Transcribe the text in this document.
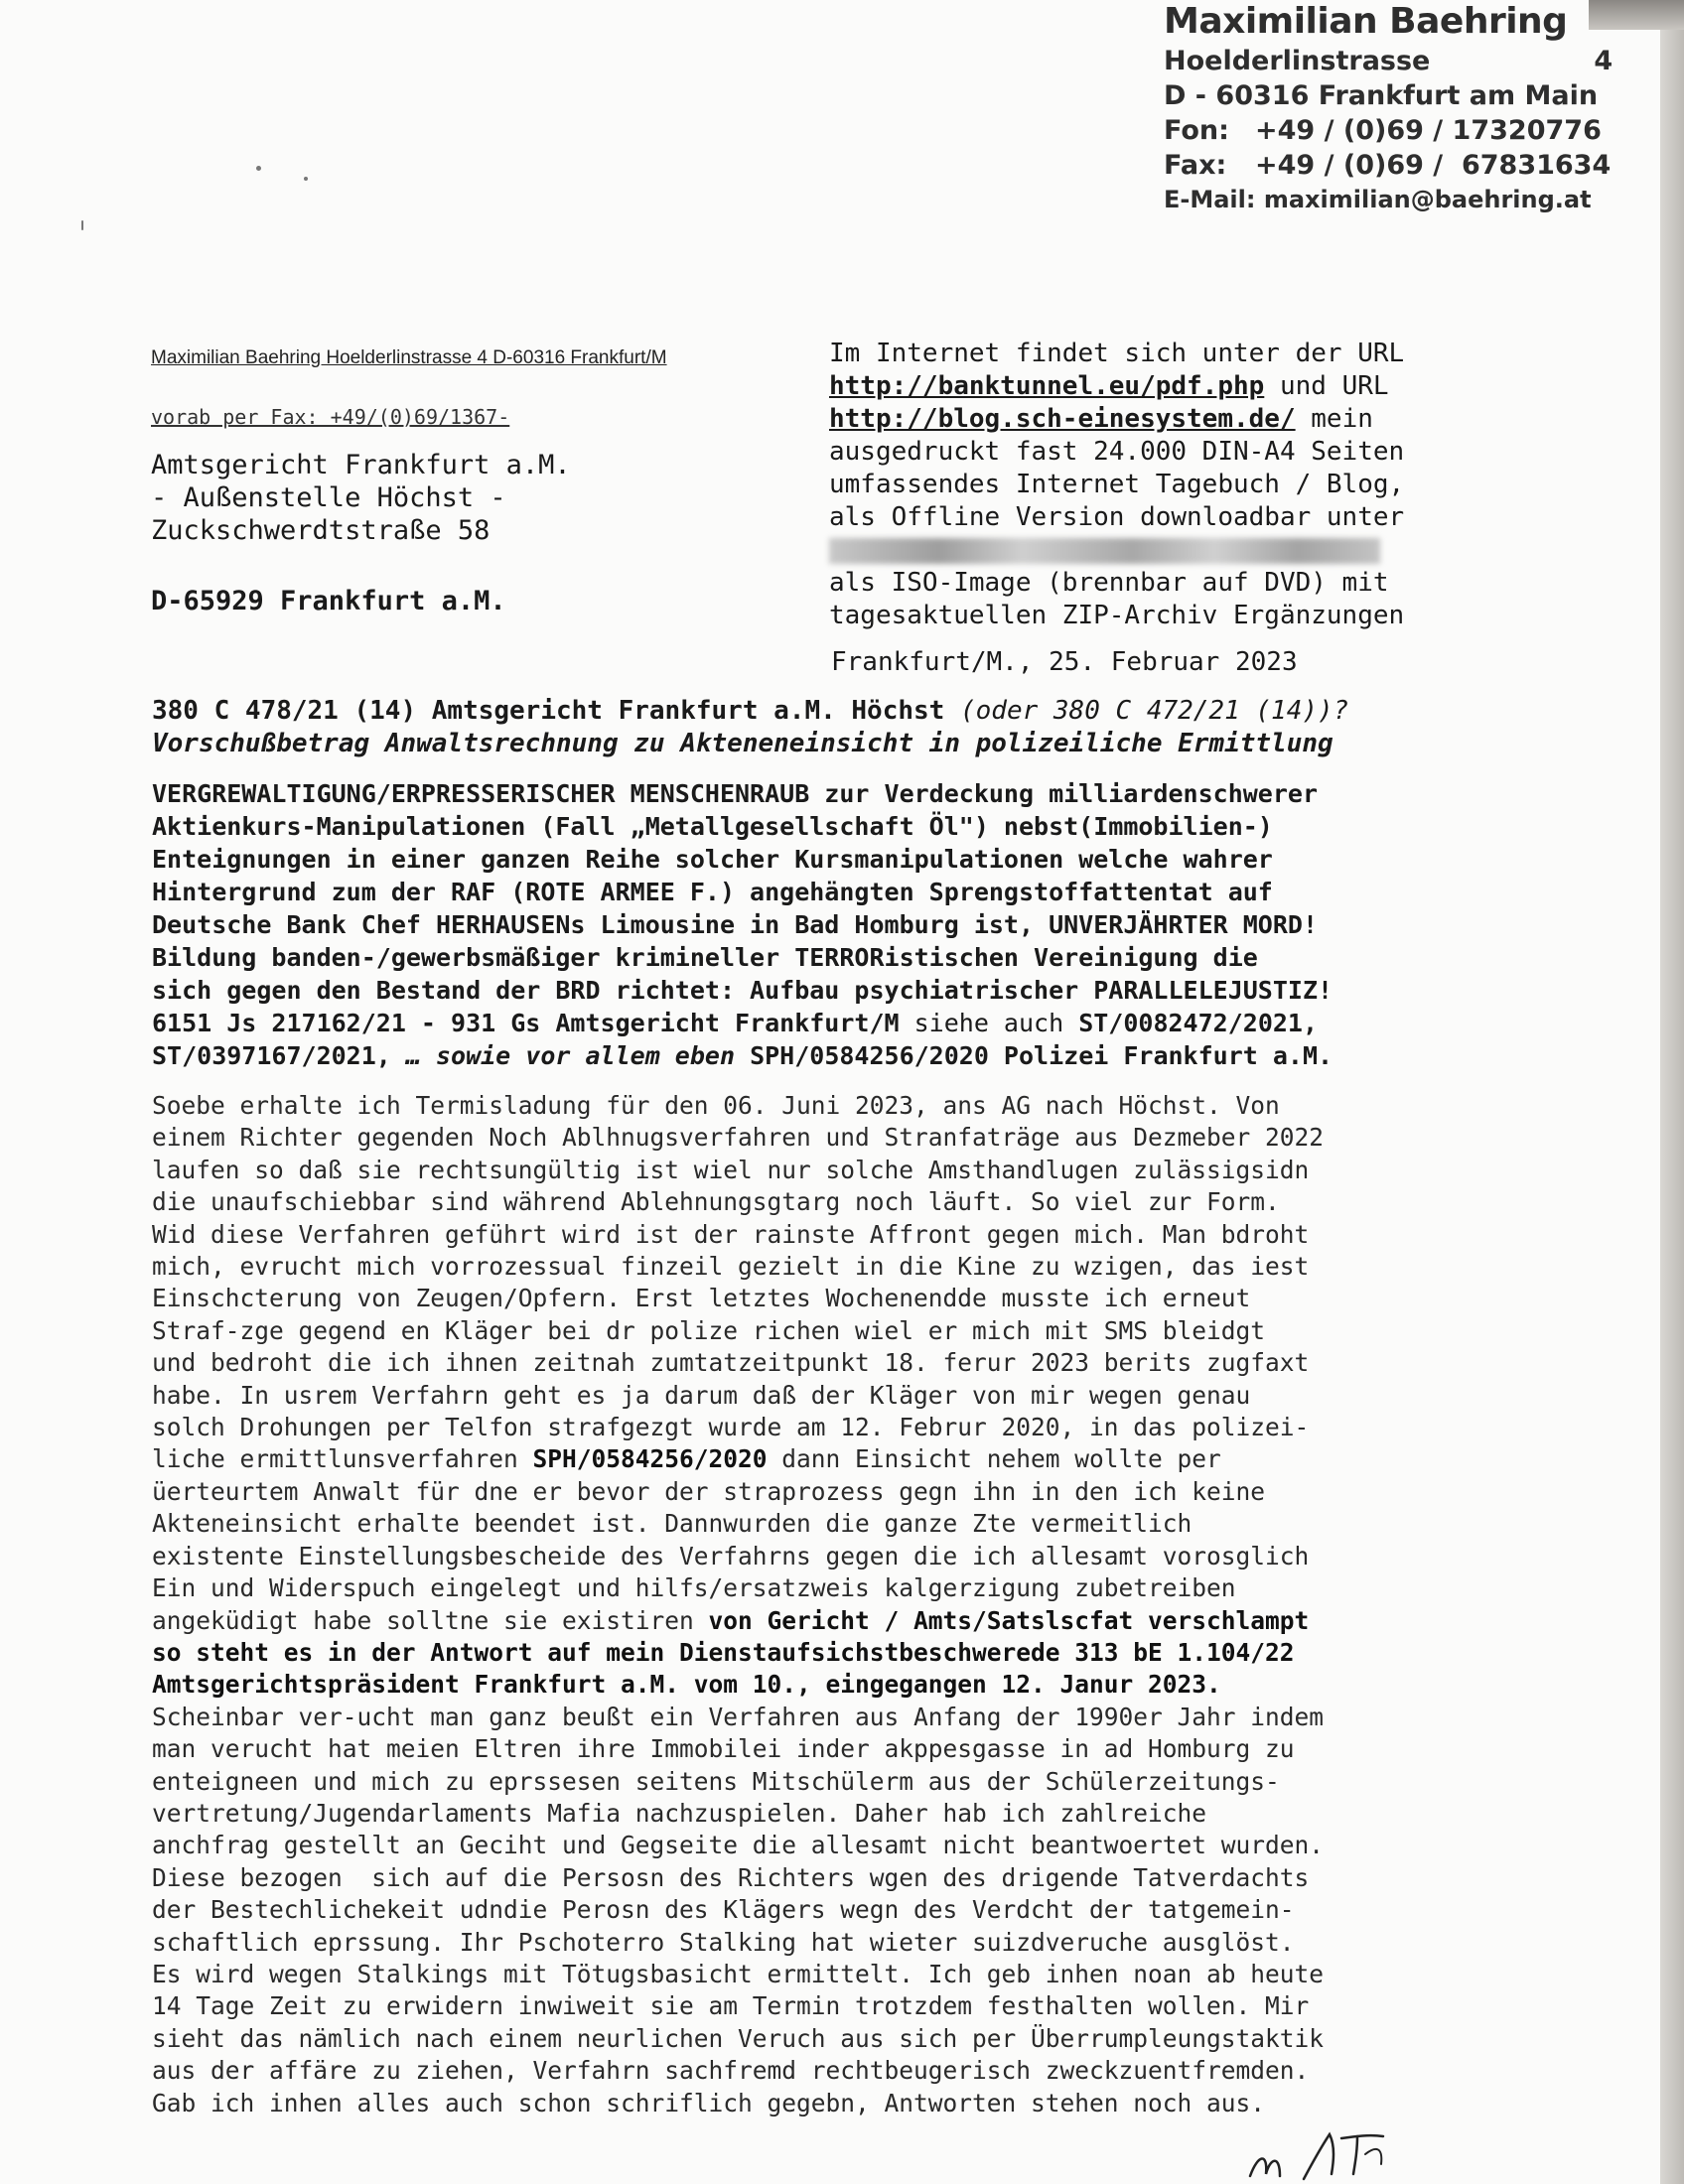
Maximilian Baehring
Hoelderlinstrasse	4
D - 60316 Frankfurt am Main
Fon: +49 / (0)69 / 17320776
Fax: +49 / (0)69 /  67831634
E-Mail: maximilian@baehring.at
Maximilian Baehring Hoelderlinstrasse 4 D-60316 Frankfurt/M
vorab per Fax: +49/(0)69/1367-
Amtsgericht Frankfurt a.M.
- Außenstelle Höchst -
Zuckschwerdtstraße 58
D-65929 Frankfurt a.M.
Im Internet findet sich unter der URL
http://banktunnel.eu/pdf.php und URL
http://blog.sch-einesystem.de/ mein
ausgedruckt fast 24.000 DIN-A4 Seiten
umfassendes Internet Tagebuch / Blog,
als Offline Version downloadbar unter
als ISO-Image (brennbar auf DVD) mit
tagesaktuellen ZIP-Archiv Ergänzungen
Frankfurt/M., 25. Februar 2023
380 C 478/21 (14) Amtsgericht Frankfurt a.M. Höchst (oder 380 C 472/21 (14))?
Vorschußbetrag Anwaltsrechnung zu Akteneneinsicht in polizeiliche Ermittlung
VERGREWALTIGUNG/ERPRESSERISCHER MENSCHENRAUB zur Verdeckung milliardenschwerer
Aktienkurs-Manipulationen (Fall „Metallgesellschaft Öl") nebst(Immobilien-)
Enteignungen in einer ganzen Reihe solcher Kursmanipulationen welche wahrer
Hintergrund zum der RAF (ROTE ARMEE F.) angehängten Sprengstoffattentat auf
Deutsche Bank Chef HERHAUSENs Limousine in Bad Homburg ist, UNVERJÄHRTER MORD!
Bildung banden-/gewerbsmäßiger krimineller TERRORistischen Vereinigung die
sich gegen den Bestand der BRD richtet: Aufbau psychiatrischer PARALLELEJUSTIZ!
6151 Js 217162/21 - 931 Gs Amtsgericht Frankfurt/M siehe auch ST/0082472/2021,
ST/0397167/2021, … sowie vor allem eben SPH/0584256/2020 Polizei Frankfurt a.M.
Soebe erhalte ich Termisladung für den 06. Juni 2023, ans AG nach Höchst. Von
einem Richter gegenden Noch Ablhnugsverfahren und Stranfaträge aus Dezmeber 2022
laufen so daß sie rechtsungültig ist wiel nur solche Amsthandlugen zulässigsidn
die unaufschiebbar sind während Ablehnungsgtarg noch läuft. So viel zur Form.
Wid diese Verfahren geführt wird ist der rainste Affront gegen mich. Man bdroht
mich, evrucht mich vorrozessual finzeil gezielt in die Kine zu wzigen, das iest
Einschcterung von Zeugen/Opfern. Erst letztes Wochenendde musste ich erneut
Straf-zge gegend en Kläger bei dr polize richen wiel er mich mit SMS bleidgt
und bedroht die ich ihnen zeitnah zumtatzeitpunkt 18. ferur 2023 berits zugfaxt
habe. In usrem Verfahrn geht es ja darum daß der Kläger von mir wegen genau
solch Drohungen per Telfon strafgezgt wurde am 12. Februr 2020, in das polizei-
liche ermittlunsverfahren SPH/0584256/2020 dann Einsicht nehem wollte per
üerteurtem Anwalt für dne er bevor der straprozess gegn ihn in den ich keine
Akteneinsicht erhalte beendet ist. Dannwurden die ganze Zte vermeitlich
existente Einstellungsbescheide des Verfahrns gegen die ich allesamt vorosglich
Ein und Widerspuch eingelegt und hilfs/ersatzweis kalgerzigung zubetreiben
angeküdigt habe solltne sie existiren von Gericht / Amts/Satslscfat verschlampt
so steht es in der Antwort auf mein Dienstaufsichstbeschwerede 313 bE 1.104/22
Amtsgerichtspräsident Frankfurt a.M. vom 10., eingegangen 12. Janur 2023.
Scheinbar ver-ucht man ganz beußt ein Verfahren aus Anfang der 1990er Jahr indem
man verucht hat meien Eltren ihre Immobilei inder akppesgasse in ad Homburg zu
enteigneen und mich zu eprssesen seitens Mitschülerm aus der Schülerzeitungs-
vertretung/Jugendarlaments Mafia nachzuspielen. Daher hab ich zahlreiche
anchfrag gestellt an Geciht und Gegseite die allesamt nicht beantwoertet wurden.
Diese bezogen  sich auf die Persosn des Richters wgen des drigende Tatverdachts
der Bestechlichekeit udndie Perosn des Klägers wegn des Verdcht der tatgemein-
schaftlich eprssung. Ihr Pschoterro Stalking hat wieter suizdveruche ausglöst.
Es wird wegen Stalkings mit Tötugsbasicht ermittelt. Ich geb inhen noan ab heute
14 Tage Zeit zu erwidern inwiweit sie am Termin trotzdem festhalten wollen. Mir
sieht das nämlich nach einem neurlichen Veruch aus sich per Überrumpleungstaktik
aus der affäre zu ziehen, Verfahrn sachfremd rechtbeugerisch zweckzuentfremden.
Gab ich inhen alles auch schon schriflich gegebn, Antworten stehen noch aus.
